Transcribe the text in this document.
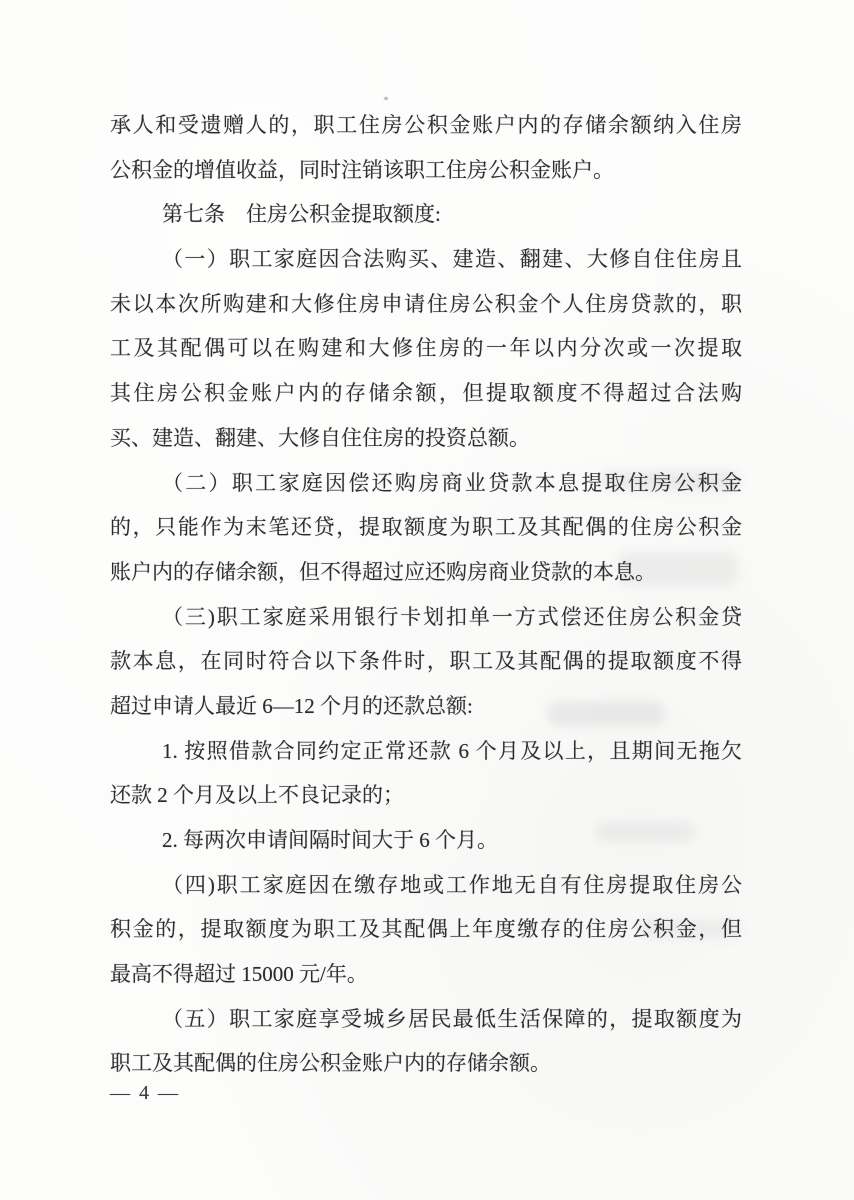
承人和受遗赠人的，职工住房公积金账户内的存储余额纳入住房
公积金的增值收益，同时注销该职工住房公积金账户。
第七条　住房公积金提取额度:
（一）职工家庭因合法购买、建造、翻建、大修自住住房且
未以本次所购建和大修住房申请住房公积金个人住房贷款的，职
工及其配偶可以在购建和大修住房的一年以内分次或一次提取
其住房公积金账户内的存储余额，但提取额度不得超过合法购
买、建造、翻建、大修自住住房的投资总额。
（二）职工家庭因偿还购房商业贷款本息提取住房公积金
的，只能作为末笔还贷，提取额度为职工及其配偶的住房公积金
账户内的存储余额，但不得超过应还购房商业贷款的本息。
（三)职工家庭采用银行卡划扣单一方式偿还住房公积金贷
款本息，在同时符合以下条件时，职工及其配偶的提取额度不得
超过申请人最近 6—12 个月的还款总额:
1. 按照借款合同约定正常还款 6 个月及以上，且期间无拖欠
还款 2 个月及以上不良记录的；
2. 每两次申请间隔时间大于 6 个月。
（四)职工家庭因在缴存地或工作地无自有住房提取住房公
积金的，提取额度为职工及其配偶上年度缴存的住房公积金，但
最高不得超过 15000 元/年。
（五）职工家庭享受城乡居民最低生活保障的，提取额度为
职工及其配偶的住房公积金账户内的存储余额。
— 4 —
